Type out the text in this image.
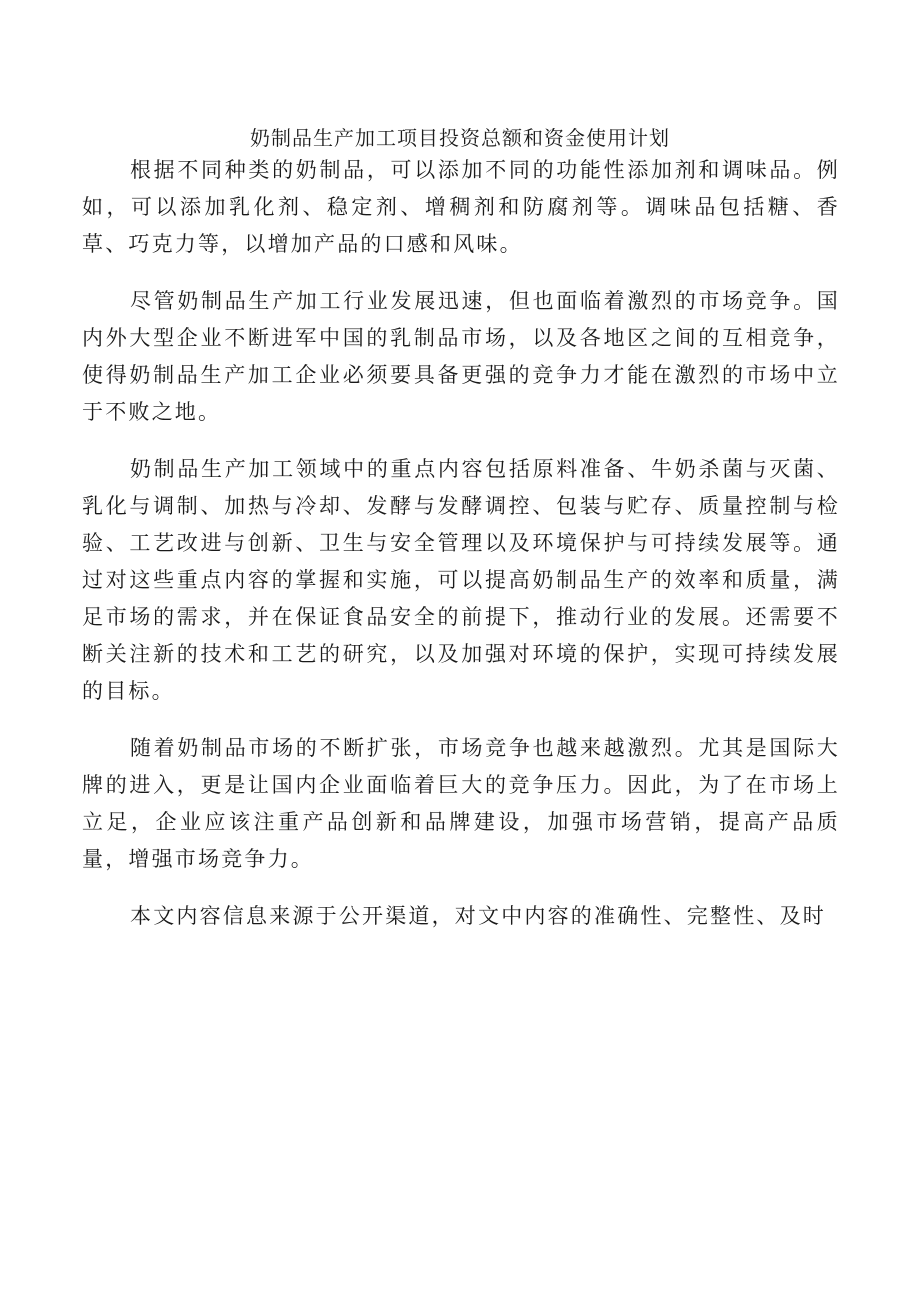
奶制品生产加工项目投资总额和资金使用计划

根据不同种类的奶制品，可以添加不同的功能性添加剂和调味品。例如，可以添加乳化剂、稳定剂、增稠剂和防腐剂等。调味品包括糖、香草、巧克力等，以增加产品的口感和风味。

尽管奶制品生产加工行业发展迅速，但也面临着激烈的市场竞争。国内外大型企业不断进军中国的乳制品市场，以及各地区之间的互相竞争，使得奶制品生产加工企业必须要具备更强的竞争力才能在激烈的市场中立于不败之地。

奶制品生产加工领域中的重点内容包括原料准备、牛奶杀菌与灭菌、乳化与调制、加热与冷却、发酵与发酵调控、包装与贮存、质量控制与检验、工艺改进与创新、卫生与安全管理以及环境保护与可持续发展等。通过对这些重点内容的掌握和实施，可以提高奶制品生产的效率和质量，满足市场的需求，并在保证食品安全的前提下，推动行业的发展。还需要不断关注新的技术和工艺的研究，以及加强对环境的保护，实现可持续发展的目标。

随着奶制品市场的不断扩张，市场竞争也越来越激烈。尤其是国际大牌的进入，更是让国内企业面临着巨大的竞争压力。因此，为了在市场上立足，企业应该注重产品创新和品牌建设，加强市场营销，提高产品质量，增强市场竞争力。

本文内容信息来源于公开渠道，对文中内容的准确性、完整性、及时
